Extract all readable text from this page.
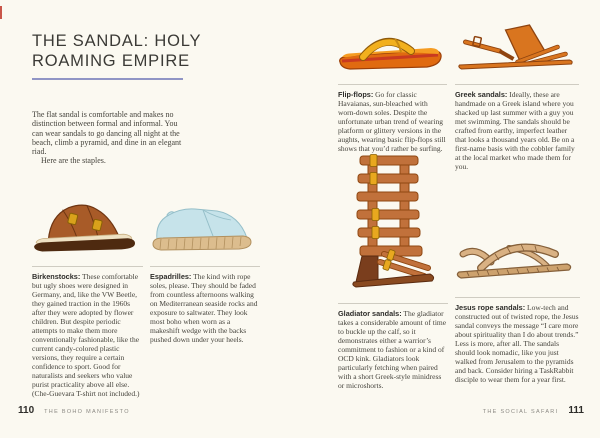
THE SANDAL: HOLY
ROAMING EMPIRE

The flat sandal is comfortable and makes no distinction between formal and informal. You can wear sandals to go dancing all night at the beach, climb a pyramid, and dine in an elegant riad.

Here are the staples.

Birkenstocks: These comfortable but ugly shoes were designed in Germany, and, like the VW Beetle, they gained traction in the 1960s after they were adopted by flower children. But despite periodic attempts to make them more conventionally fashionable, like the current candy-colored plastic versions, they require a certain confidence to sport. Good for naturalists and seekers who value purist practicality above all else. (Che-Guevara T-shirt not included.)
Espadrilles: The kind with rope soles, please. They should be faded from countless afternoons walking on Mediterranean seaside rocks and exposure to saltwater. They look most boho when worn as a makeshift wedge with the backs pushed down under your heels.
110 THE BOHO MANIFESTO
Flip-flops: Go for classic Havaianas, sun-bleached with worn-down soles. Despite the unfortunate urban trend of wearing platform or glittery versions in the aughts, wearing basic flip-flops still shows that you’d rather be surfing.
Greek sandals: Ideally, these are handmade on a Greek island where you shacked up last summer with a guy you met swimming. The sandals should be crafted from earthy, imperfect leather that looks a thousand years old. Be on a first-name basis with the cobbler family at the local market who made them for you.
Gladiator sandals: The gladiator takes a considerable amount of time to buckle up the calf, so it demonstrates either a warrior’s commitment to fashion or a kind of OCD kink. Gladiators look particularly fetching when paired with a short Greek-style minidress or microshorts.
Jesus rope sandals: Low-tech and constructed out of twisted rope, the Jesus sandal conveys the message “I care more about spirituality than I do about trends.” Less is more, after all. The sandals should look nomadic, like you just walked from Jerusalem to the pyramids and back. Consider hiring a TaskRabbit disciple to wear them for a year first.
THE SOCIAL SAFARI 111
